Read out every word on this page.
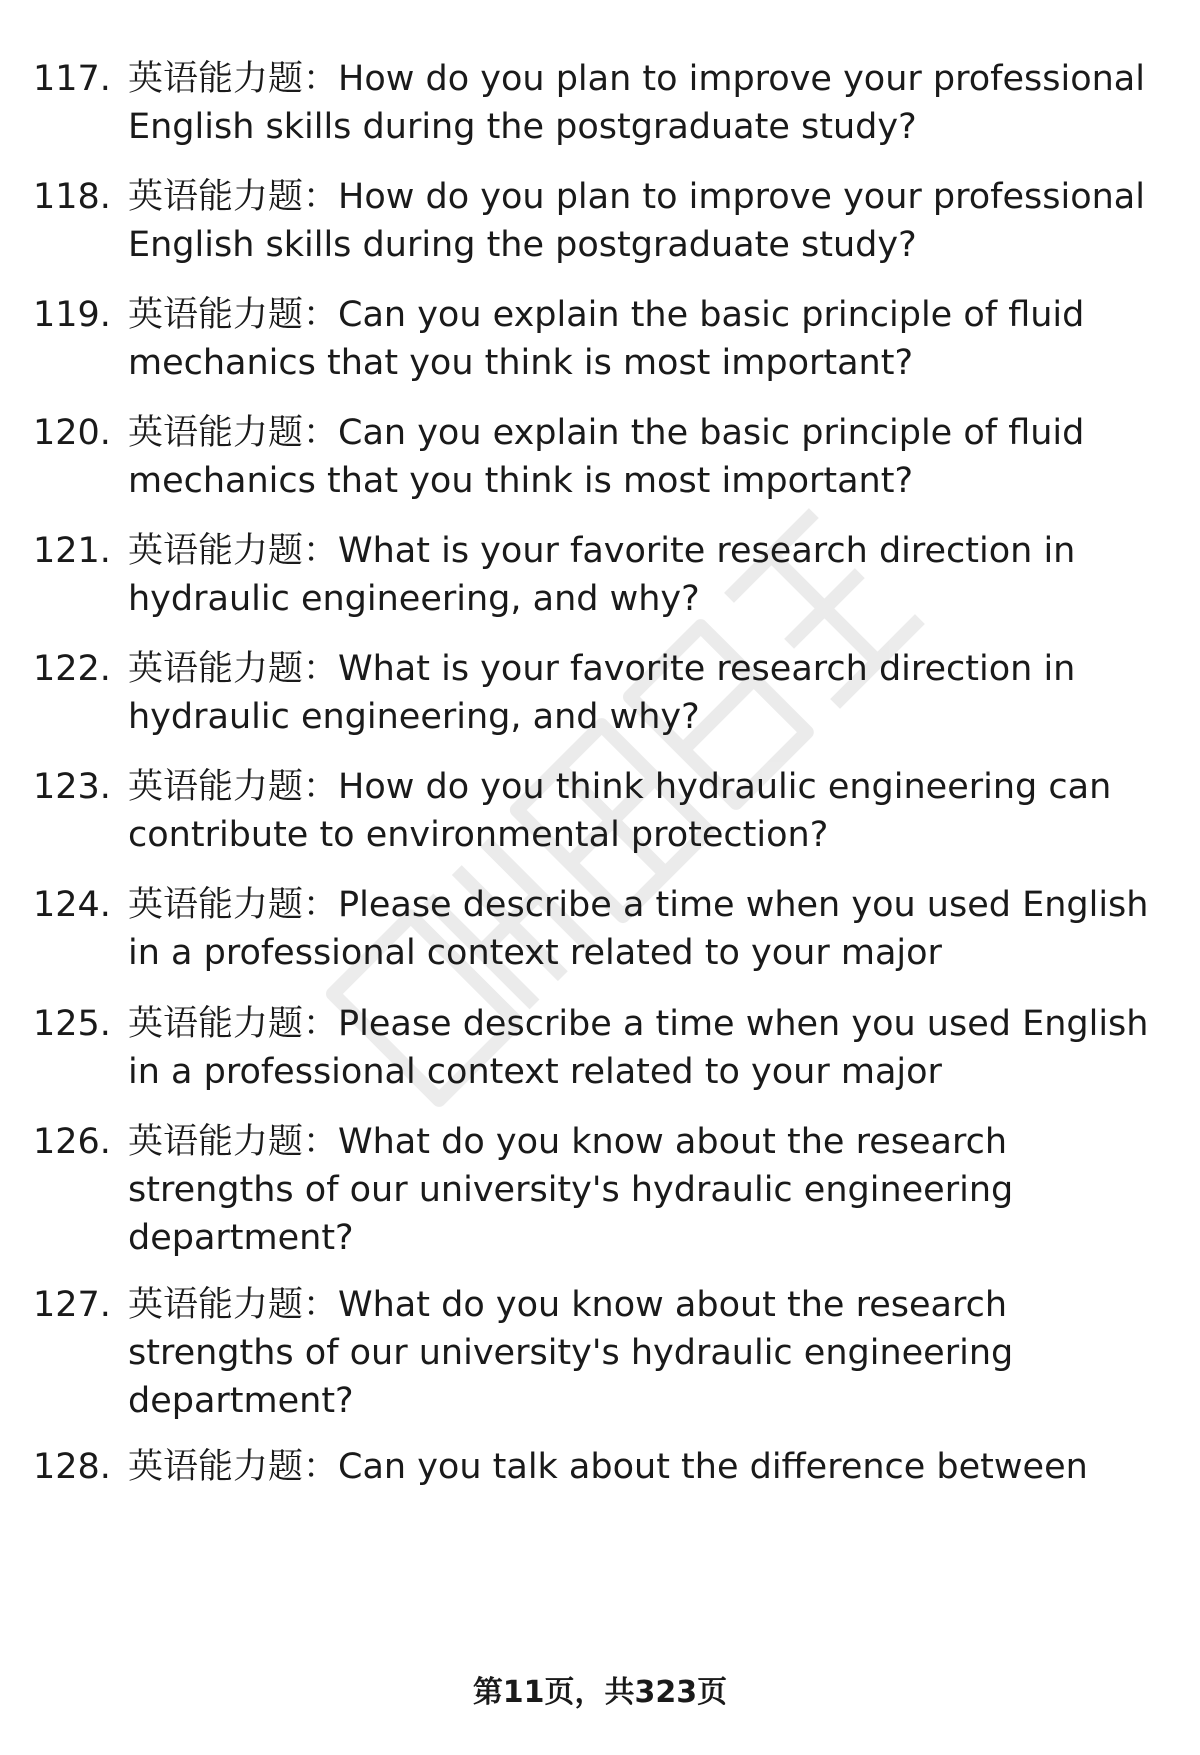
117. 英语能力题：How do you plan to improve your professional English skills during the postgraduate study?
118. 英语能力题：How do you plan to improve your professional English skills during the postgraduate study?
119. 英语能力题：Can you explain the basic principle of fluid mechanics that you think is most important?
120. 英语能力题：Can you explain the basic principle of fluid mechanics that you think is most important?
121. 英语能力题：What is your favorite research direction in hydraulic engineering, and why?
122. 英语能力题：What is your favorite research direction in hydraulic engineering, and why?
123. 英语能力题：How do you think hydraulic engineering can contribute to environmental protection?
124. 英语能力题：Please describe a time when you used English in a professional context related to your major
125. 英语能力题：Please describe a time when you used English in a professional context related to your major
126. 英语能力题：What do you know about the research strengths of our university's hydraulic engineering department?
127. 英语能力题：What do you know about the research strengths of our university's hydraulic engineering department?
128. 英语能力题：Can you talk about the difference between
第11页，共323页
